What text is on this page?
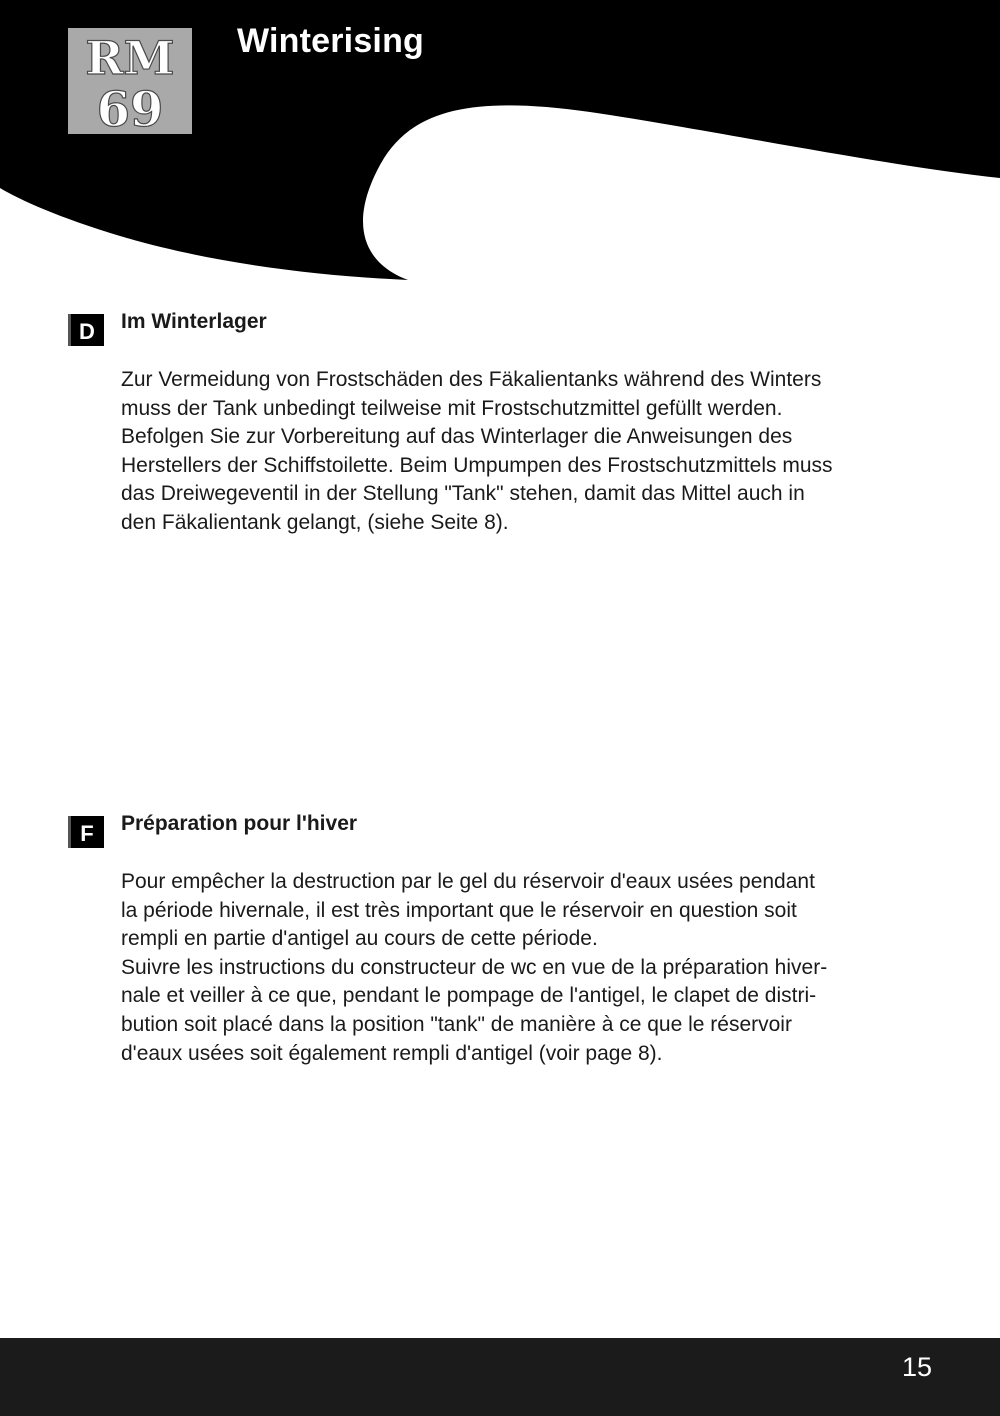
RM
69
Winterising
D Im Winterlager

Zur Vermeidung von Frostschäden des Fäkalientanks während des Winters
muss der Tank unbedingt teilweise mit Frostschutzmittel gefüllt werden.
Befolgen Sie zur Vorbereitung auf das Winterlager die Anweisungen des
Herstellers der Schiffstoilette. Beim Umpumpen des Frostschutzmittels muss
das Dreiwegeventil in der Stellung "Tank" stehen, damit das Mittel auch in
den Fäkalientank gelangt, (siehe Seite 8).

F Préparation pour l'hiver

Pour empêcher la destruction par le gel du réservoir d'eaux usées pendant
la période hivernale, il est très important que le réservoir en question soit
rempli en partie d'antigel au cours de cette période.
Suivre les instructions du constructeur de wc en vue de la préparation hiver-
nale et veiller à ce que, pendant le pompage de l'antigel, le clapet de distri-
bution soit placé dans la position "tank" de manière à ce que le réservoir
d'eaux usées soit également rempli d'antigel (voir page 8).

15
